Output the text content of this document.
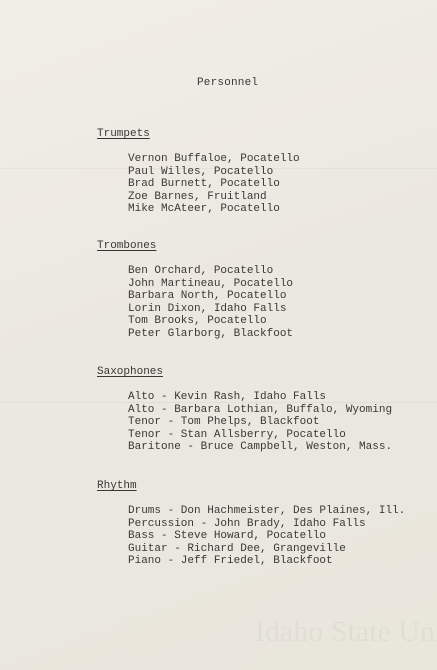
Personnel
Trumpets
Vernon Buffaloe, Pocatello
Paul Willes, Pocatello
Brad Burnett, Pocatello
Zoe Barnes, Fruitland
Mike McAteer, Pocatello
Trombones
Ben Orchard, Pocatello
John Martineau, Pocatello
Barbara North, Pocatello
Lorin Dixon, Idaho Falls
Tom Brooks, Pocatello
Peter Glarborg, Blackfoot
Saxophones
Alto - Kevin Rash, Idaho Falls
Alto - Barbara Lothian, Buffalo, Wyoming
Tenor - Tom Phelps, Blackfoot
Tenor - Stan Allsberry, Pocatello
Baritone - Bruce Campbell, Weston, Mass.
Rhythm
Drums - Don Hachmeister, Des Plaines, Ill.
Percussion - John Brady, Idaho Falls
Bass - Steve Howard, Pocatello
Guitar - Richard Dee, Grangeville
Piano - Jeff Friedel, Blackfoot
